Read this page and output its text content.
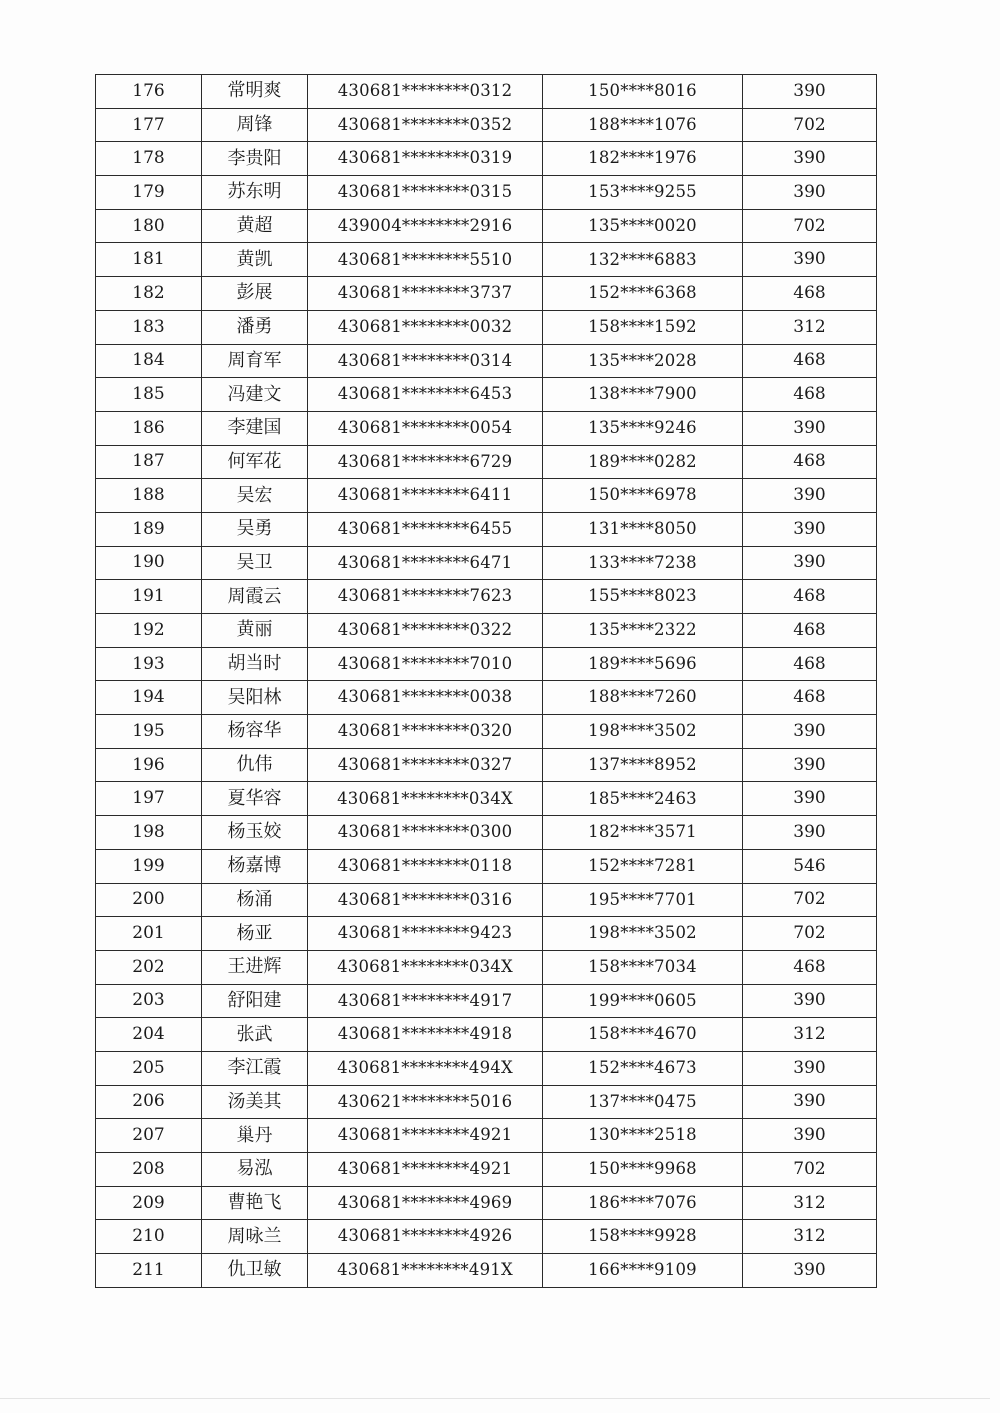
176	常明爽	430681********0312	150****8016	390
177	周锋	430681********0352	188****1076	702
178	李贵阳	430681********0319	182****1976	390
179	苏东明	430681********0315	153****9255	390
180	黄超	439004********2916	135****0020	702
181	黄凯	430681********5510	132****6883	390
182	彭展	430681********3737	152****6368	468
183	潘勇	430681********0032	158****1592	312
184	周育军	430681********0314	135****2028	468
185	冯建文	430681********6453	138****7900	468
186	李建国	430681********0054	135****9246	390
187	何军花	430681********6729	189****0282	468
188	吴宏	430681********6411	150****6978	390
189	吴勇	430681********6455	131****8050	390
190	吴卫	430681********6471	133****7238	390
191	周霞云	430681********7623	155****8023	468
192	黄丽	430681********0322	135****2322	468
193	胡当时	430681********7010	189****5696	468
194	吴阳林	430681********0038	188****7260	468
195	杨容华	430681********0320	198****3502	390
196	仇伟	430681********0327	137****8952	390
197	夏华容	430681********034X	185****2463	390
198	杨玉姣	430681********0300	182****3571	390
199	杨嘉博	430681********0118	152****7281	546
200	杨涌	430681********0316	195****7701	702
201	杨亚	430681********9423	198****3502	702
202	王进辉	430681********034X	158****7034	468
203	舒阳建	430681********4917	199****0605	390
204	张武	430681********4918	158****4670	312
205	李江霞	430681********494X	152****4673	390
206	汤美其	430621********5016	137****0475	390
207	巢丹	430681********4921	130****2518	390
208	易泓	430681********4921	150****9968	702
209	曹艳飞	430681********4969	186****7076	312
210	周咏兰	430681********4926	158****9928	312
211	仇卫敏	430681********491X	166****9109	390
